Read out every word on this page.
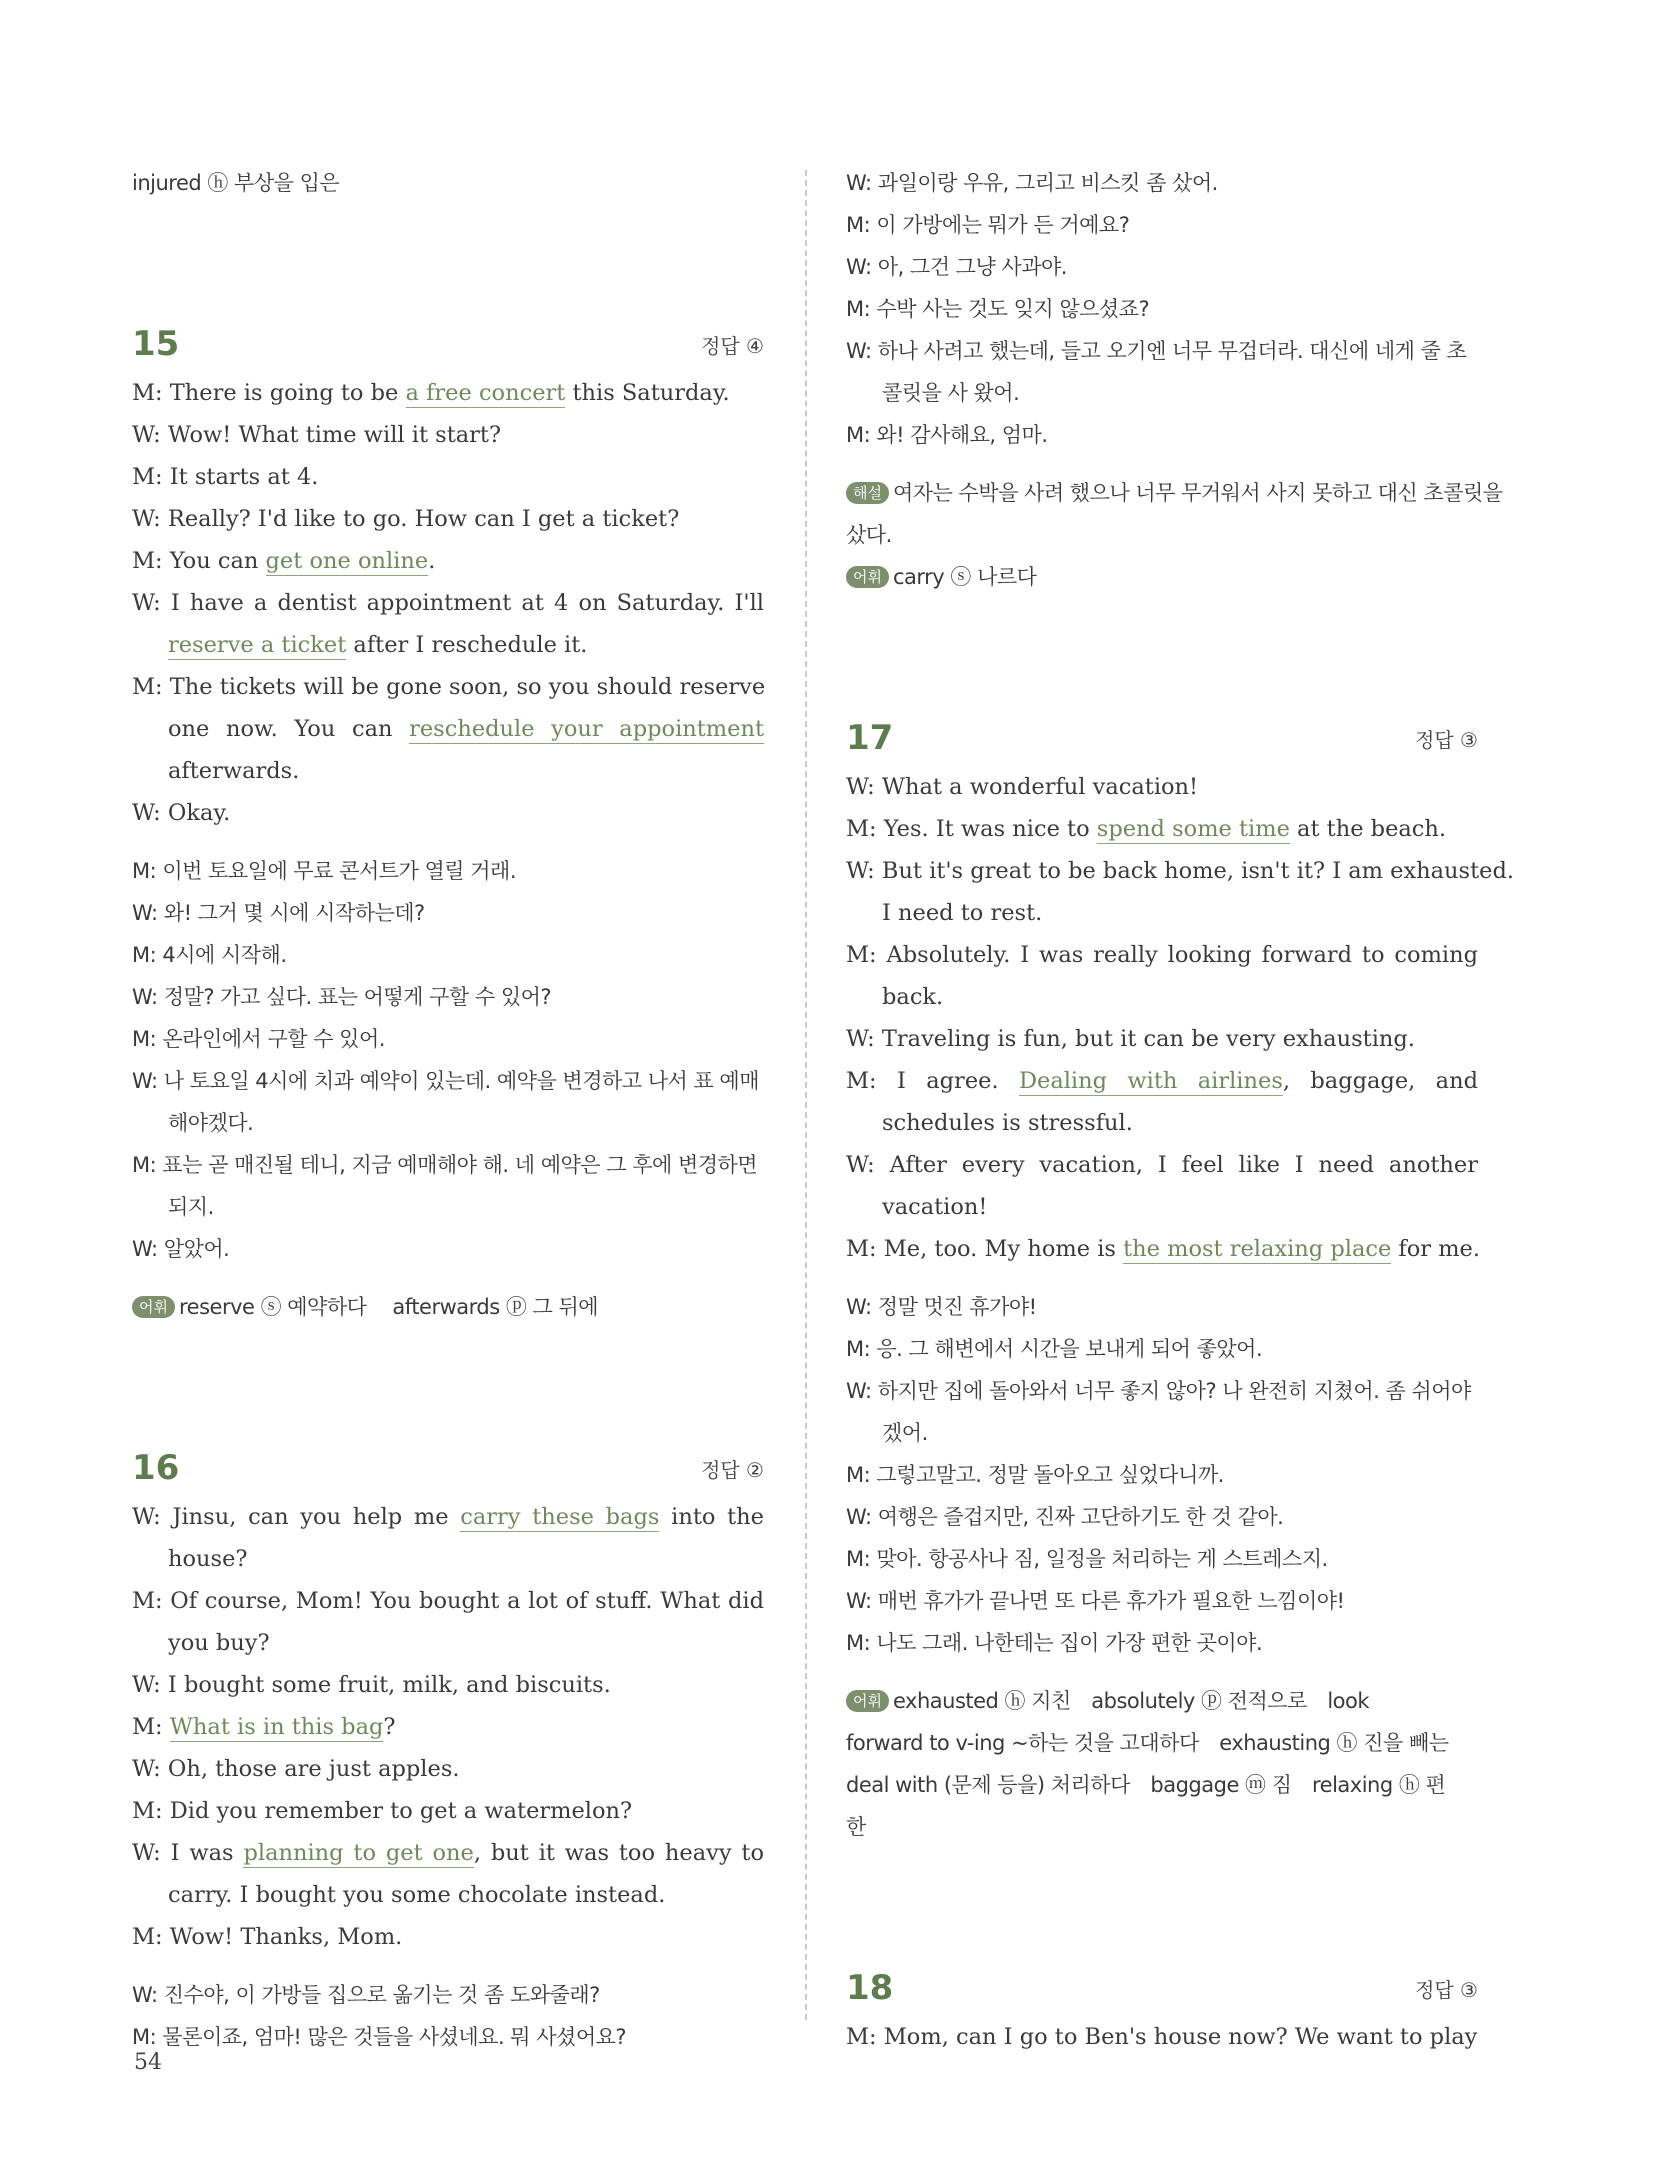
injured ⓗ 부상을 입은
15	정답 ④
M: There is going to be a free concert this Saturday.
W: Wow! What time will it start?
M: It starts at 4.
W: Really? I'd like to go. How can I get a ticket?
M: You can get one online.
W: I have a dentist appointment at 4 on Saturday. I'll
reserve a ticket after I reschedule it.
M: The tickets will be gone soon, so you should reserve
one now. You can reschedule your appointment
afterwards.
W: Okay.
M: 이번 토요일에 무료 콘서트가 열릴 거래.
W: 와! 그거 몇 시에 시작하는데?
M: 4시에 시작해.
W: 정말? 가고 싶다. 표는 어떻게 구할 수 있어?
M: 온라인에서 구할 수 있어.
W: 나 토요일 4시에 치과 예약이 있는데. 예약을 변경하고 나서 표 예매
해야겠다.
M: 표는 곧 매진될 테니, 지금 예매해야 해. 네 예약은 그 후에 변경하면
되지.
W: 알았어.
어휘 reserve ⓢ 예약하다 afterwards ⓟ 그 뒤에
16	정답 ②
W: Jinsu, can you help me carry these bags into the
house?
M: Of course, Mom! You bought a lot of stuff. What did
you buy?
W: I bought some fruit, milk, and biscuits.
M: What is in this bag?
W: Oh, those are just apples.
M: Did you remember to get a watermelon?
W: I was planning to get one, but it was too heavy to
carry. I bought you some chocolate instead.
M: Wow! Thanks, Mom.
W: 진수야, 이 가방들 집으로 옮기는 것 좀 도와줄래?
M: 물론이죠, 엄마! 많은 것들을 사셨네요. 뭐 사셨어요?
54
W: 과일이랑 우유, 그리고 비스킷 좀 샀어.
M: 이 가방에는 뭐가 든 거예요?
W: 아, 그건 그냥 사과야.
M: 수박 사는 것도 잊지 않으셨죠?
W: 하나 사려고 했는데, 들고 오기엔 너무 무겁더라. 대신에 네게 줄 초
콜릿을 사 왔어.
M: 와! 감사해요, 엄마.
해설 여자는 수박을 사려 했으나 너무 무거워서 사지 못하고 대신 초콜릿을
샀다.
어휘 carry ⓢ 나르다
17	정답 ③
W: What a wonderful vacation!
M: Yes. It was nice to spend some time at the beach.
W: But it's great to be back home, isn't it? I am exhausted.
I need to rest.
M: Absolutely. I was really looking forward to coming
back.
W: Traveling is fun, but it can be very exhausting.
M: I agree. Dealing with airlines, baggage, and
schedules is stressful.
W: After every vacation, I feel like I need another
vacation!
M: Me, too. My home is the most relaxing place for me.
W: 정말 멋진 휴가야!
M: 응. 그 해변에서 시간을 보내게 되어 좋았어.
W: 하지만 집에 돌아와서 너무 좋지 않아? 나 완전히 지쳤어. 좀 쉬어야
겠어.
M: 그렇고말고. 정말 돌아오고 싶었다니까.
W: 여행은 즐겁지만, 진짜 고단하기도 한 것 같아.
M: 맞아. 항공사나 짐, 일정을 처리하는 게 스트레스지.
W: 매번 휴가가 끝나면 또 다른 휴가가 필요한 느낌이야!
M: 나도 그래. 나한테는 집이 가장 편한 곳이야.
어휘 exhausted ⓗ 지친　absolutely ⓟ 전적으로　look
forward to v-ing ~하는 것을 고대하다　exhausting ⓗ 진을 빼는
deal with (문제 등을) 처리하다　baggage ⓜ 짐　relaxing ⓗ 편
한
18	정답 ③
M: Mom, can I go to Ben's house now? We want to play
